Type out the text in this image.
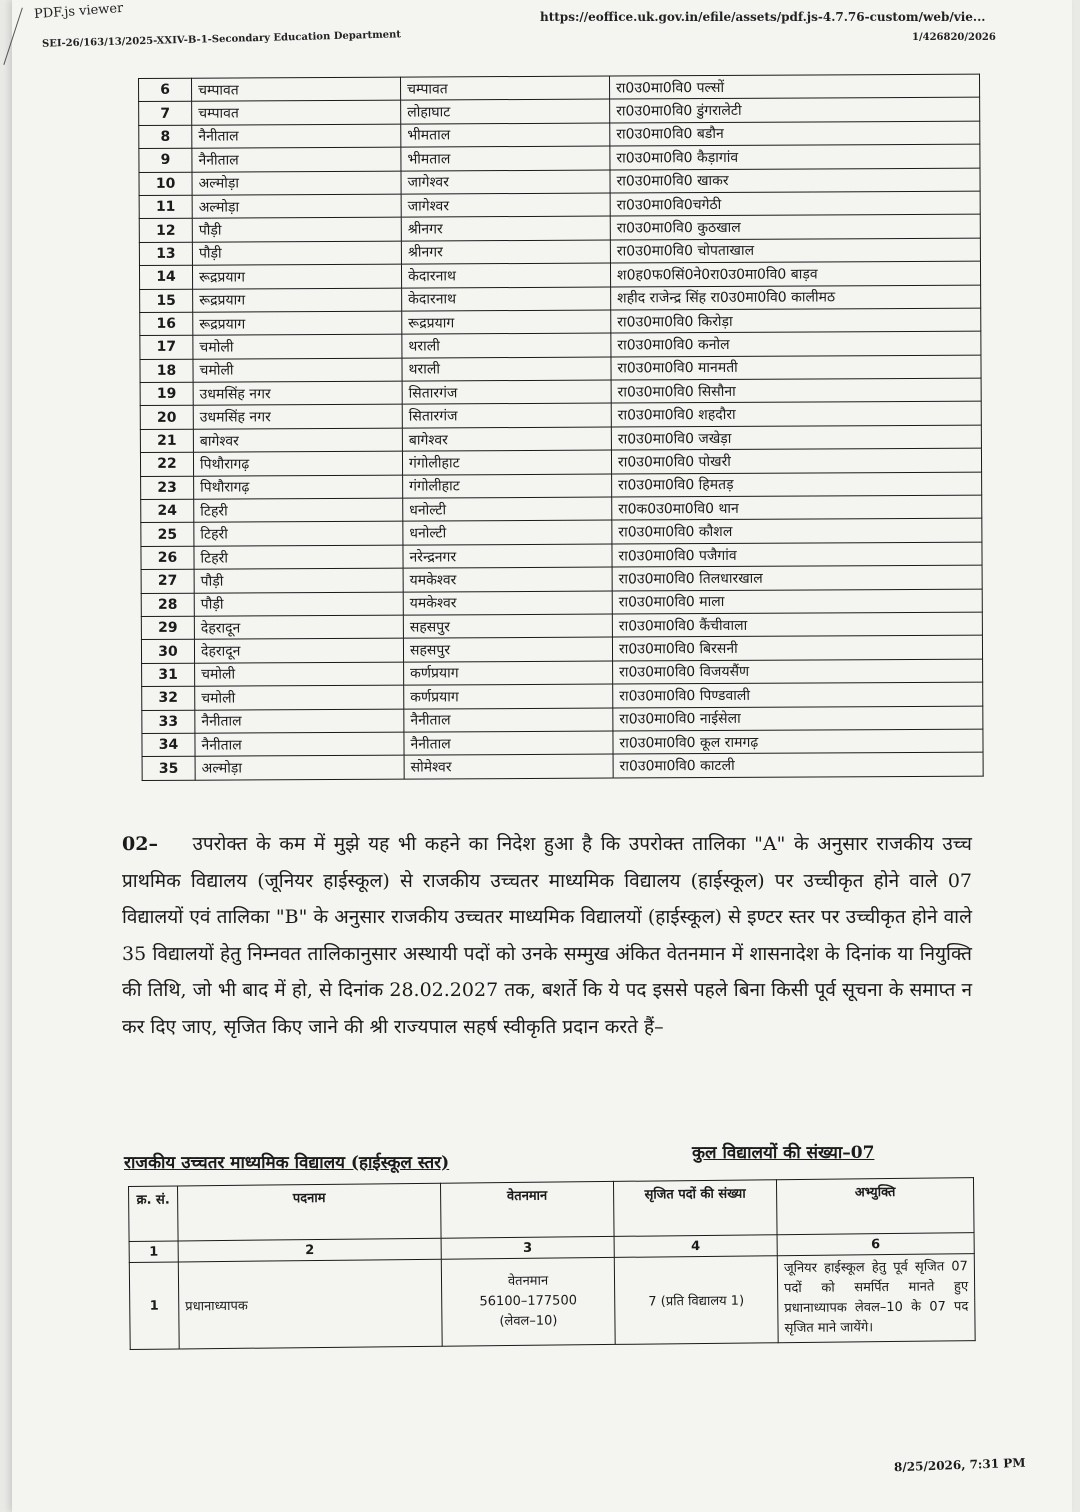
PDF.js viewer
SEI-26/163/13/2025-XXIV-B-1-Secondary Education Department
https://eoffice.uk.gov.in/efile/assets/pdf.js-4.7.76-custom/web/vie...
1/426820/2026
6	चम्पावत	चम्पावत	रा0उ0मा0वि0 पल्सों
7	चम्पावत	लोहाघाट	रा0उ0मा0वि0 डुंगरालेटी
8	नैनीताल	भीमताल	रा0उ0मा0वि0 बडौन
9	नैनीताल	भीमताल	रा0उ0मा0वि0 कैड़ागांव
10	अल्मोड़ा	जागेश्वर	रा0उ0मा0वि0 खाकर
11	अल्मोड़ा	जागेश्वर	रा0उ0मा0वि0चगेठी
12	पौड़ी	श्रीनगर	रा0उ0मा0वि0 कुठखाल
13	पौड़ी	श्रीनगर	रा0उ0मा0वि0 चोपताखाल
14	रूद्रप्रयाग	केदारनाथ	श0ह0फ0सिं0ने0रा0उ0मा0वि0 बाड़व
15	रूद्रप्रयाग	केदारनाथ	शहीद राजेन्द्र सिंह रा0उ0मा0वि0 कालीमठ
16	रूद्रप्रयाग	रूद्रप्रयाग	रा0उ0मा0वि0 किरोड़ा
17	चमोली	थराली	रा0उ0मा0वि0 कनोल
18	चमोली	थराली	रा0उ0मा0वि0 मानमती
19	उधमसिंह नगर	सितारगंज	रा0उ0मा0वि0 सिसौना
20	उधमसिंह नगर	सितारगंज	रा0उ0मा0वि0 शहदौरा
21	बागेश्वर	बागेश्वर	रा0उ0मा0वि0 जखेड़ा
22	पिथौरागढ़	गंगोलीहाट	रा0उ0मा0वि0 पोखरी
23	पिथौरागढ़	गंगोलीहाट	रा0उ0मा0वि0 हिमतड़
24	टिहरी	धनोल्टी	रा0क0उ0मा0वि0 थान
25	टिहरी	धनोल्टी	रा0उ0मा0वि0 कौशल
26	टिहरी	नरेन्द्रनगर	रा0उ0मा0वि0 पजैगांव
27	पौड़ी	यमकेश्वर	रा0उ0मा0वि0 तिलधारखाल
28	पौड़ी	यमकेश्वर	रा0उ0मा0वि0 माला
29	देहरादून	सहसपुर	रा0उ0मा0वि0 कैंचीवाला
30	देहरादून	सहसपुर	रा0उ0मा0वि0 बिरसनी
31	चमोली	कर्णप्रयाग	रा0उ0मा0वि0 विजयसैंण
32	चमोली	कर्णप्रयाग	रा0उ0मा0वि0 पिण्डवाली
33	नैनीताल	नैनीताल	रा0उ0मा0वि0 नाईसेला
34	नैनीताल	नैनीताल	रा0उ0मा0वि0 कूल रामगढ़
35	अल्मोड़ा	सोमेश्वर	रा0उ0मा0वि0 काटली
02– उपरोक्त के कम में मुझे यह भी कहने का निदेश हुआ है कि उपरोक्त तालिका "A" के अनुसार राजकीय उच्च प्राथमिक विद्यालय (जूनियर हाईस्कूल) से राजकीय उच्चतर माध्यमिक विद्यालय (हाईस्कूल) पर उच्चीकृत होने वाले 07 विद्यालयों एवं तालिका "B" के अनुसार राजकीय उच्चतर माध्यमिक विद्यालयों (हाईस्कूल) से इण्टर स्तर पर उच्चीकृत होने वाले 35 विद्यालयों हेतु निम्नवत तालिकानुसार अस्थायी पदों को उनके सम्मुख अंकित वेतनमान में शासनादेश के दिनांक या नियुक्ति की तिथि, जो भी बाद में हो, से दिनांक 28.02.2027 तक, बशर्ते कि ये पद इससे पहले बिना किसी पूर्व सूचना के समाप्त न कर दिए जाए, सृजित किए जाने की श्री राज्यपाल सहर्ष स्वीकृति प्रदान करते हैं–
राजकीय उच्चतर माध्यमिक विद्यालय (हाईस्कूल स्तर)	कुल विद्यालयों की संख्या–07
क्र. सं.	पदनाम	वेतनमान	सृजित पदों की संख्या	अभ्युक्ति
1	2	3	4	6
1	प्रधानाध्यापक	वेतनमान
56100–177500
(लेवल–10)	7 (प्रति विद्यालय 1)	जूनियर हाईस्कूल हेतु पूर्व सृजित 07 पदों को समर्पित मानते हुए प्रधानाध्यापक लेवल–10 के 07 पद सृजित माने जायेंगे।
8/25/2026, 7:31 PM
